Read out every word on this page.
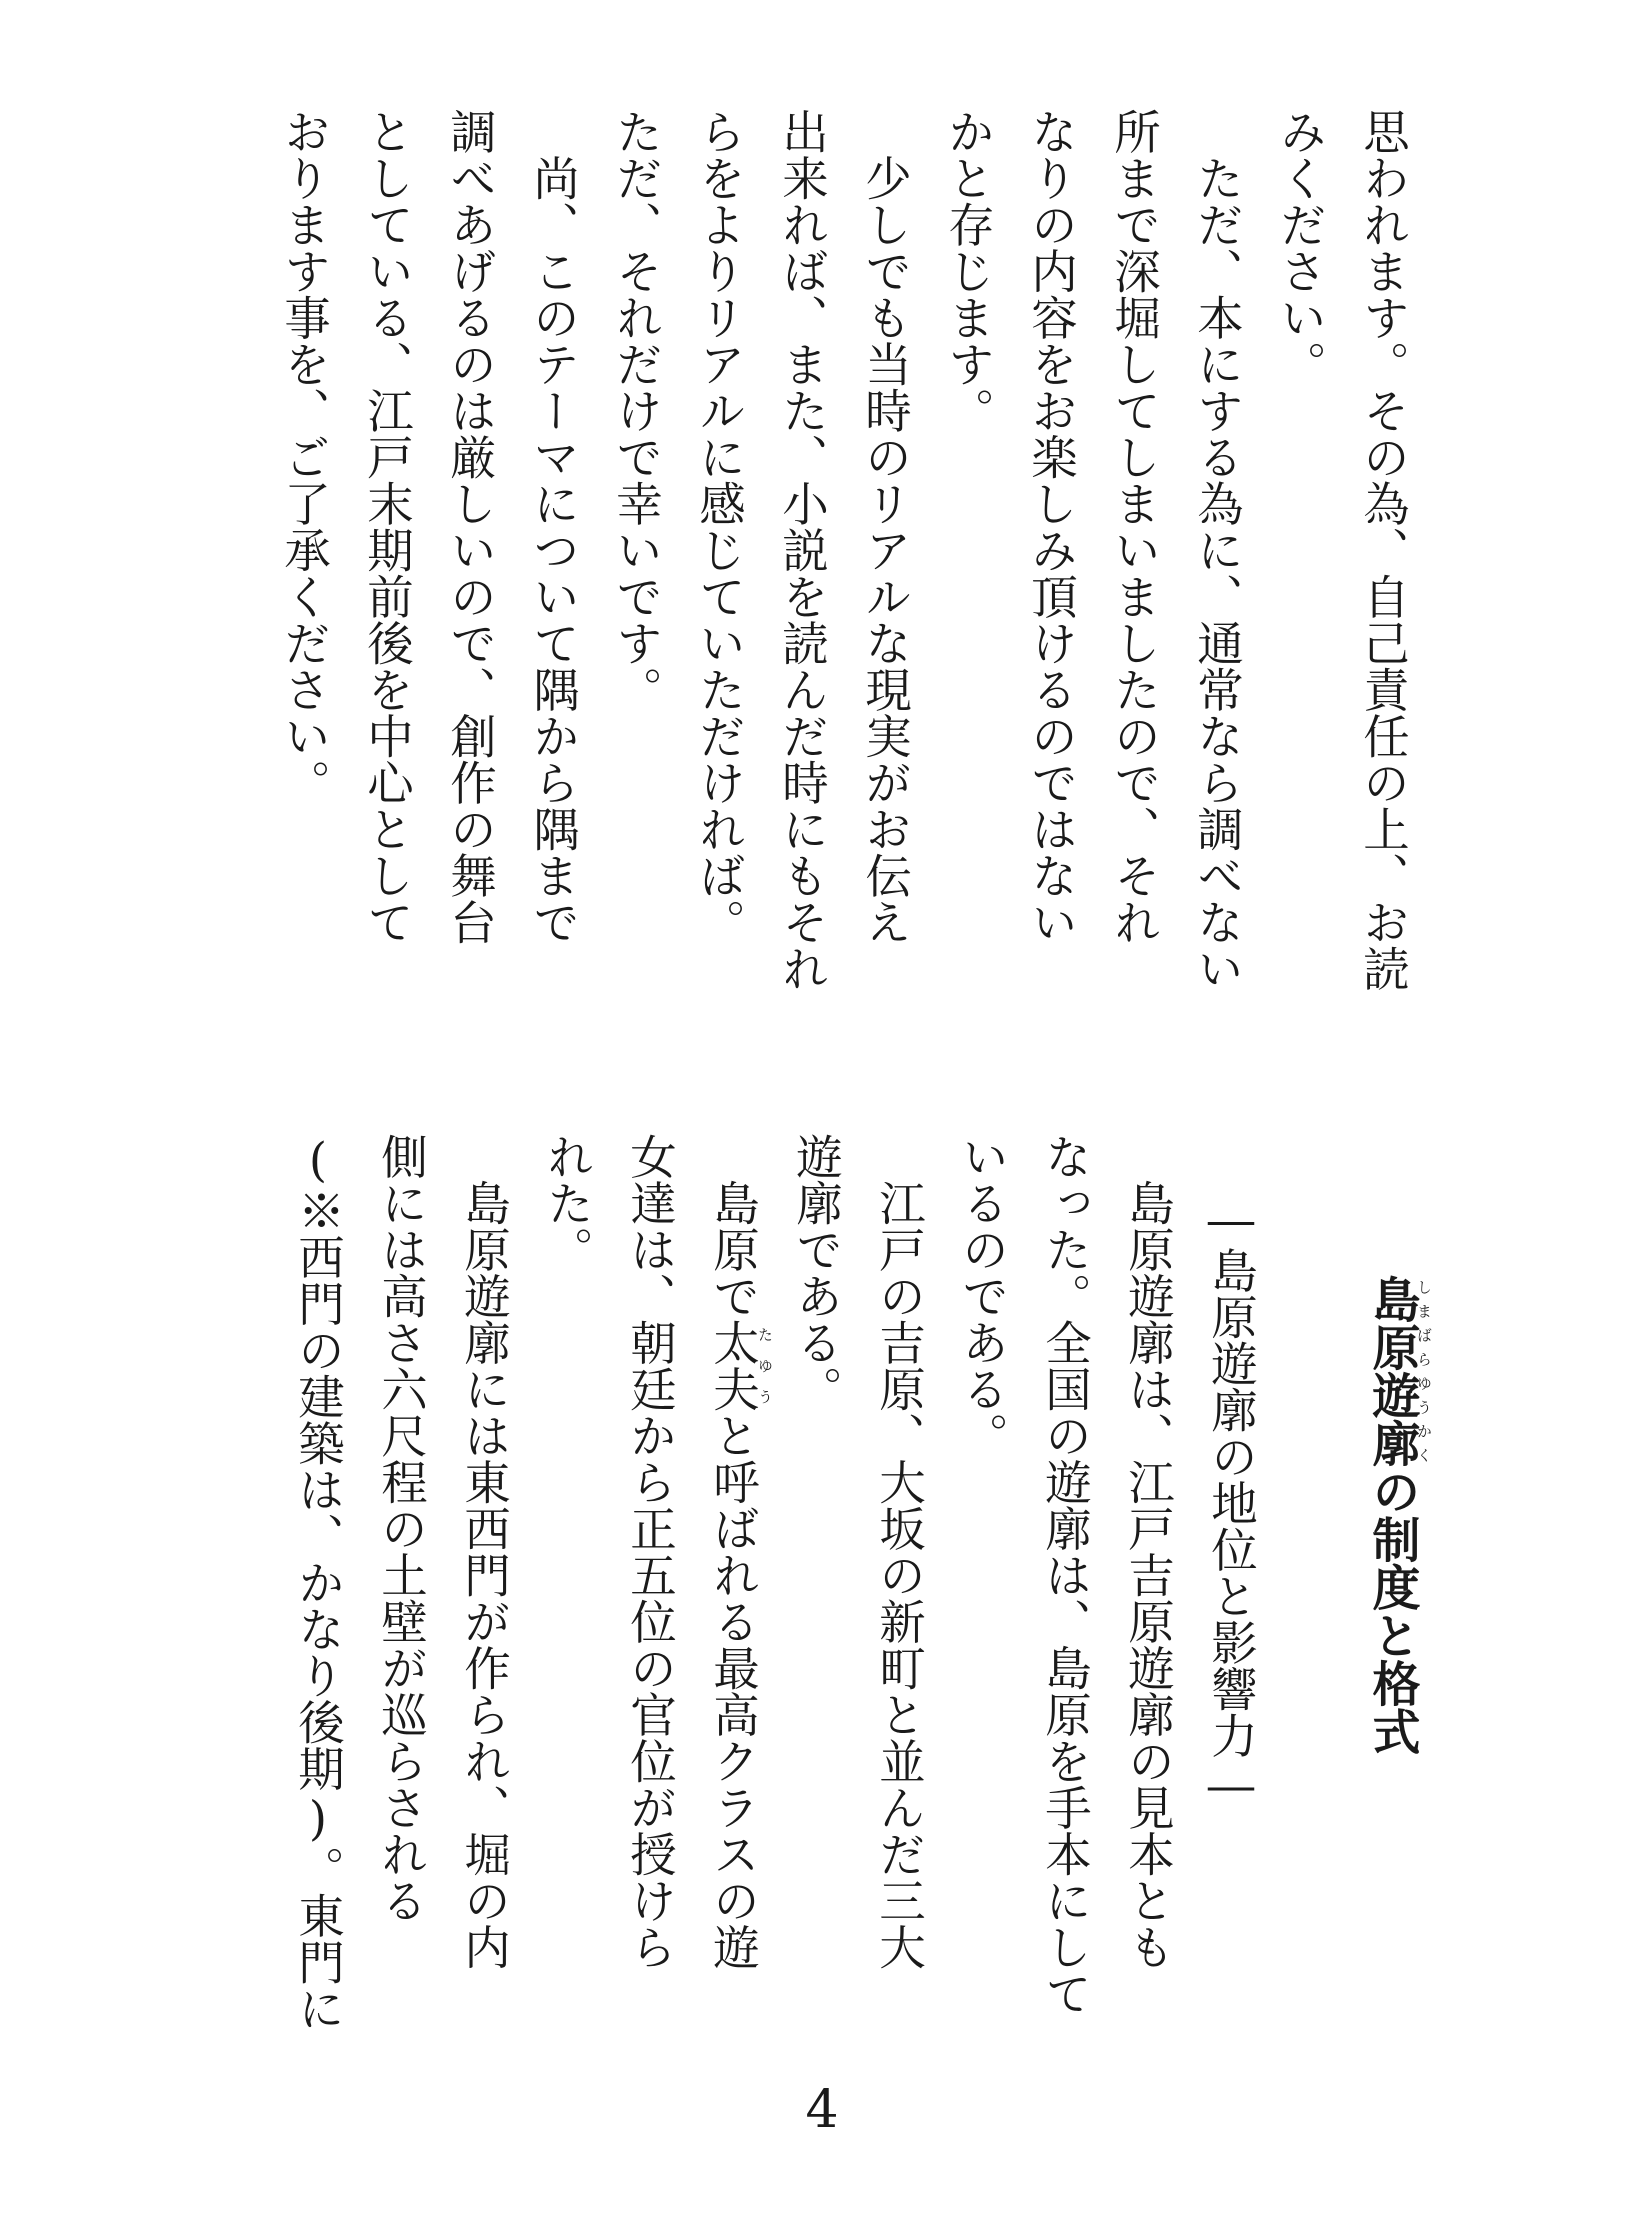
思われます。その為、自己責任の上、お読
みください。
　ただ、本にする為に、通常なら調べない
所まで深堀してしまいましたので、それ
なりの内容をお楽しみ頂けるのではない
かと存じます。
　少しでも当時のリアルな現実がお伝え
出来れば、また、小説を読んだ時にもそれ
らをよりリアルに感じていただければ。
ただ、それだけで幸いです。
　尚、このテーマについて隅から隅まで
調べあげるのは厳しいので、創作の舞台
としている、江戸末期前後を中心として
おります事を、ご了承ください。
島原遊廓しまばらゆうかくの制度と格式
―島原遊廓の地位と影響力―
　島原遊廓は、江戸吉原遊廓の見本とも
なった。全国の遊廓は、島原を手本にして
いるのである。
　江戸の吉原、大坂の新町と並んだ三大
遊廓である。
　島原で太夫たゆうと呼ばれる最高クラスの遊
女達は、朝廷から正五位の官位が授けら
れた。
　島原遊廓には東西門が作られ、堀の内
側には高さ六尺程の土壁が巡らされる
(※西門の建築は、かなり後期)。東門に
4
